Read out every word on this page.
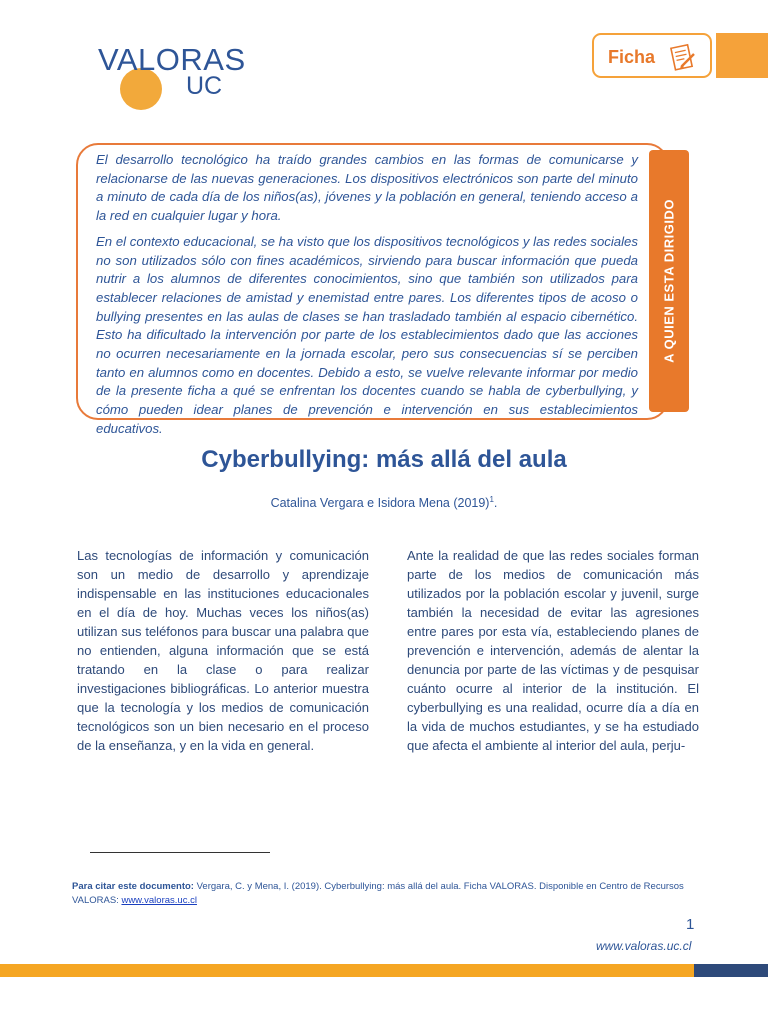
VALORAS
UC
Ficha

El desarrollo tecnológico ha traído grandes cambios en las formas de comunicarse y relacionarse de las nuevas generaciones. Los dispositivos electrónicos son parte del minuto a minuto de cada día de los niños(as), jóvenes y la población en general, teniendo acceso a la red en cualquier lugar y hora.

En el contexto educacional, se ha visto que los dispositivos tecnológicos y las redes sociales no son utilizados sólo con fines académicos, sirviendo para buscar información que pueda nutrir a los alumnos de diferentes conocimientos, sino que también son utilizados para establecer relaciones de amistad y enemistad entre pares. Los diferentes tipos de acoso o bullying presentes en las aulas de clases se han trasladado también al espacio cibernético. Esto ha dificultado la intervención por parte de los establecimientos dado que las acciones no ocurren necesariamente en la jornada escolar, pero sus consecuencias sí se perciben tanto en alumnos como en docentes. Debido a esto, se vuelve relevante informar por medio de la presente ficha a qué se enfrentan los docentes cuando se habla de cyberbullying, y cómo pueden idear planes de prevención e intervención en sus establecimientos educativos.

A QUIEN ESTA DIRIGIDO
Cyberbullying: más allá del aula
Catalina Vergara e Isidora Mena $(2019)^1$.
Las tecnologías de información y comunicación son un medio de desarrollo y aprendizaje indispensable en las instituciones educacionales en el día de hoy. Muchas veces los niños(as) utilizan sus teléfonos para buscar una palabra que no entienden, alguna información que se está tratando en la clase o para realizar investigaciones bibliográficas. Lo anterior muestra que la tecnología y los medios de comunicación tecnológicos son un bien necesario en el proceso de la enseñanza, y en la vida en general.
Ante la realidad de que las redes sociales forman parte de los medios de comunicación más utilizados por la población escolar y juvenil, surge también la necesidad de evitar las agresiones entre pares por esta vía, estableciendo planes de prevención e intervención, además de alentar la denuncia por parte de las víctimas y de pesquisar cuánto ocurre al interior de la institución. El cyberbullying es una realidad, ocurre día a día en la vida de muchos estudiantes, y se ha estudiado que afecta el ambiente al interior del aula, perju-
Para citar este documento: Vergara, C. y Mena, I. (2019). Cyberbullying: más allá del aula. Ficha VALORAS. Disponible en Centro de Recursos VALORAS: www.valoras.uc.cl
1
www.valoras.uc.cl
